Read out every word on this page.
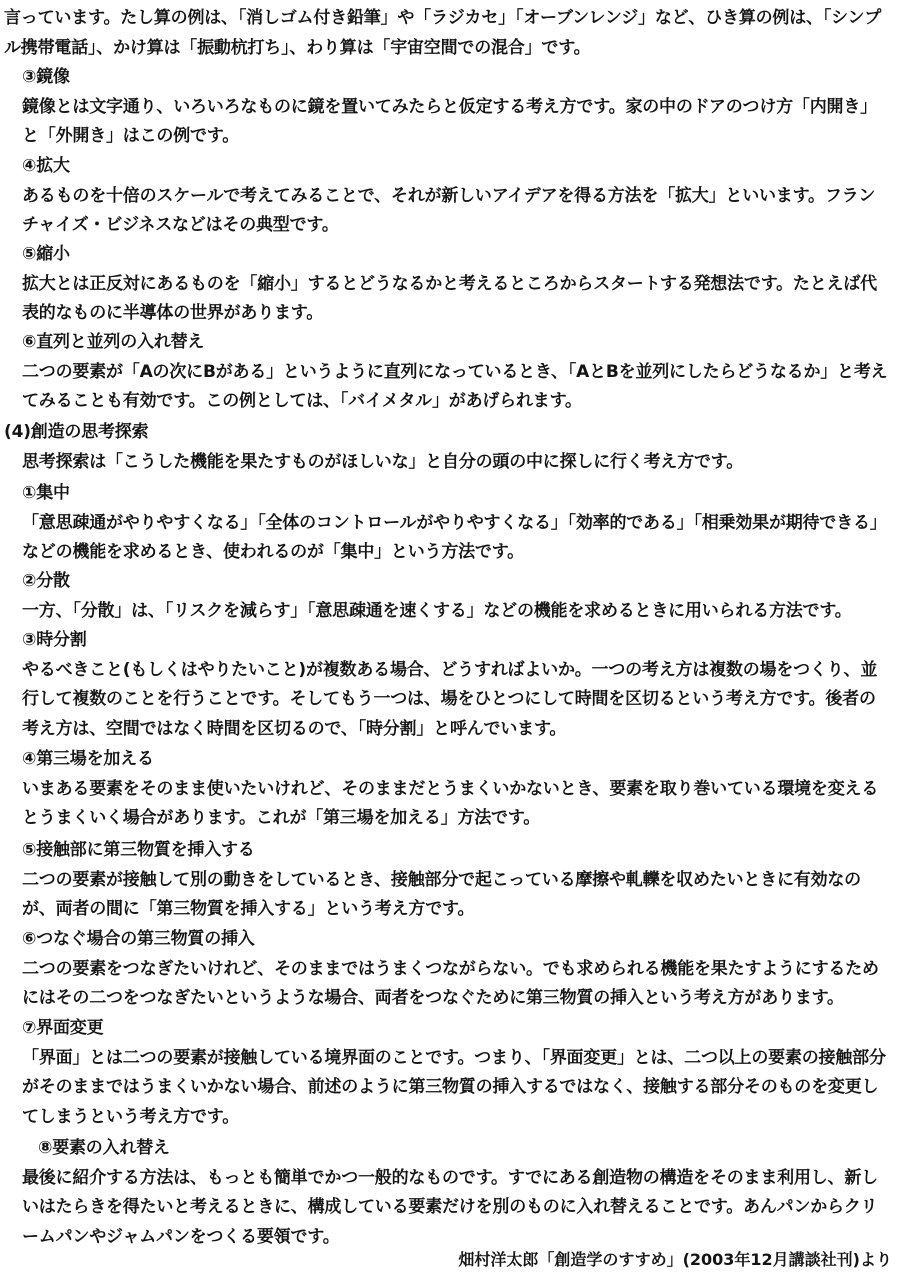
言っています。たし算の例は、「消しゴム付き鉛筆」や「ラジカセ」「オーブンレンジ」など、ひき算の例は、「シンプル携帯電話」、かけ算は「振動杭打ち」、わり算は「宇宙空間での混合」です。
③鏡像
鏡像とは文字通り、いろいろなものに鏡を置いてみたらと仮定する考え方です。家の中のドアのつけ方「内開き」と「外開き」はこの例です。
④拡大
あるものを十倍のスケールで考えてみることで、それが新しいアイデアを得る方法を「拡大」といいます。フランチャイズ・ビジネスなどはその典型です。
⑤縮小
拡大とは正反対にあるものを「縮小」するとどうなるかと考えるところからスタートする発想法です。たとえば代表的なものに半導体の世界があります。
⑥直列と並列の入れ替え
二つの要素が「Aの次にBがある」というように直列になっているとき、「AとBを並列にしたらどうなるか」と考えてみることも有効です。この例としては、「バイメタル」があげられます。
(4)創造の思考探索
思考探索は「こうした機能を果たすものがほしいな」と自分の頭の中に探しに行く考え方です。
①集中
「意思疎通がやりやすくなる」「全体のコントロールがやりやすくなる」「効率的である」「相乗効果が期待できる」などの機能を求めるとき、使われるのが「集中」という方法です。
②分散
一方、「分散」は、「リスクを減らす」「意思疎通を速くする」などの機能を求めるときに用いられる方法です。
③時分割
やるべきこと(もしくはやりたいこと)が複数ある場合、どうすればよいか。一つの考え方は複数の場をつくり、並行して複数のことを行うことです。そしてもう一つは、場をひとつにして時間を区切るという考え方です。後者の考え方は、空間ではなく時間を区切るので、「時分割」と呼んでいます。
④第三場を加える
いまある要素をそのまま使いたいけれど、そのままだとうまくいかないとき、要素を取り巻いている環境を変えるとうまくいく場合があります。これが「第三場を加える」方法です。
⑤接触部に第三物質を挿入する
二つの要素が接触して別の動きをしているとき、接触部分で起こっている摩擦や軋轢を収めたいときに有効なのが、両者の間に「第三物質を挿入する」という考え方です。
⑥つなぐ場合の第三物質の挿入
二つの要素をつなぎたいけれど、そのままではうまくつながらない。でも求められる機能を果たすようにするためにはその二つをつなぎたいというような場合、両者をつなぐために第三物質の挿入という考え方があります。
⑦界面変更
「界面」とは二つの要素が接触している境界面のことです。つまり、「界面変更」とは、二つ以上の要素の接触部分がそのままではうまくいかない場合、前述のように第三物質の挿入するではなく、接触する部分そのものを変更してしまうという考え方です。
⑧要素の入れ替え
最後に紹介する方法は、もっとも簡単でかつ一般的なものです。すでにある創造物の構造をそのまま利用し、新しいはたらきを得たいと考えるときに、構成している要素だけを別のものに入れ替えることです。あんパンからクリームパンやジャムパンをつくる要領です。
畑村洋太郎「創造学のすすめ」(2003年12月講談社刊)より
